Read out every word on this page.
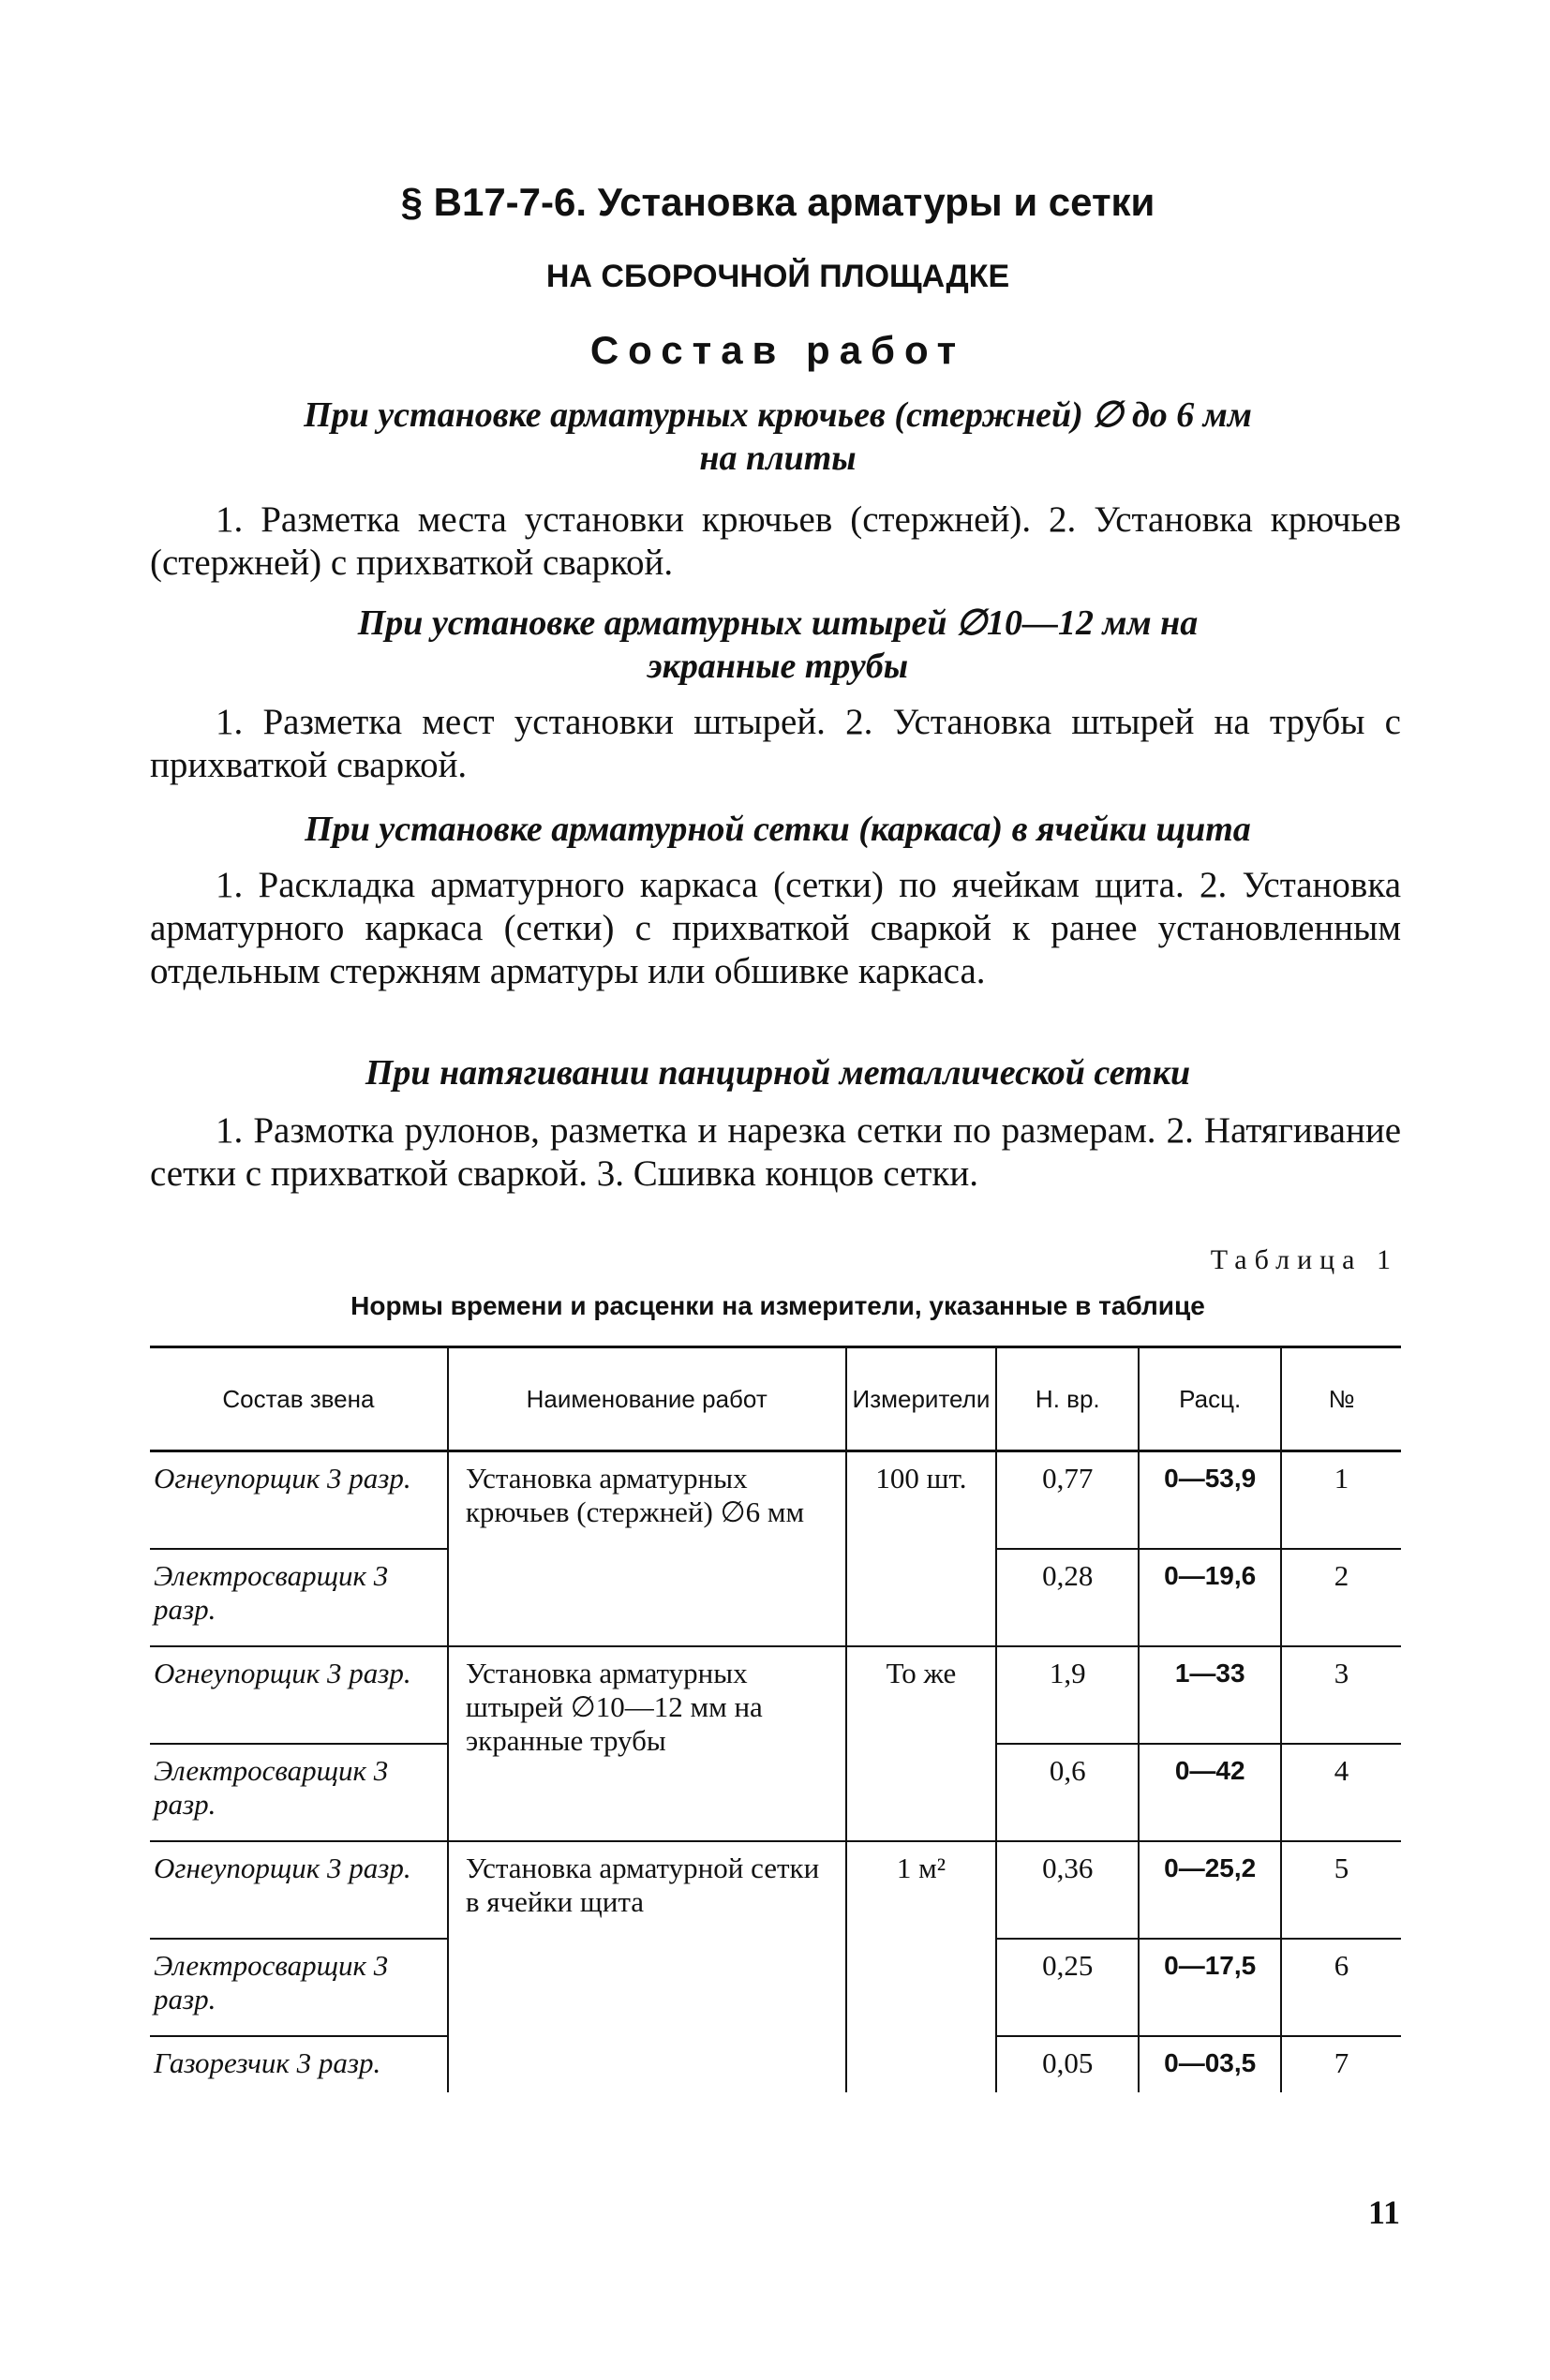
§ В17-7-6. Установка арматуры и сетки
НА СБОРОЧНОЙ ПЛОЩАДКЕ
Состав работ
При установке арматурных крючьев (стержней) ∅ до 6 мм на плиты

1. Разметка места установки крючьев (стержней). 2. Установка крючьев (стержней) с прихваткой сваркой.

При установке арматурных штырей ∅10—12 мм на экранные трубы

1. Разметка мест установки штырей. 2. Установка штырей на трубы с прихваткой сваркой.

При установке арматурной сетки (каркаса) в ячейки щита

1. Раскладка арматурного каркаса (сетки) по ячейкам щита. 2. Установка арматурного каркаса (сетки) с прихваткой сваркой к ранее установленным отдельным стержням арматуры или обшивке каркаса.

При натягивании панцирной металлической сетки

1. Размотка рулонов, разметка и нарезка сетки по размерам. 2. Натягивание сетки с прихваткой сваркой. 3. Сшивка концов сетки.

Таблица 1

Нормы времени и расценки на измерители, указанные в таблице

Состав звена	Наименование работ	Измерители	Н. вр.	Расц.	№
Огнеупорщик 3 разр.	Установка арматурных крючьев (стержней) ∅6 мм	100 шт.	0,77	0—53,9	1
Электросварщик 3 разр.			0,28	0—19,6	2
Огнеупорщик 3 разр.	Установка арматурных штырей ∅10—12 мм на экранные трубы	То же	1,9	1—33	3
Электросварщик 3 разр.			0,6	0—42	4
Огнеупорщик 3 разр.	Установка арматурной сетки в ячейки щита	1 м²	0,36	0—25,2	5
Электросварщик 3 разр.			0,25	0—17,5	6
Газорезчик 3 разр.			0,05	0—03,5	7

11
